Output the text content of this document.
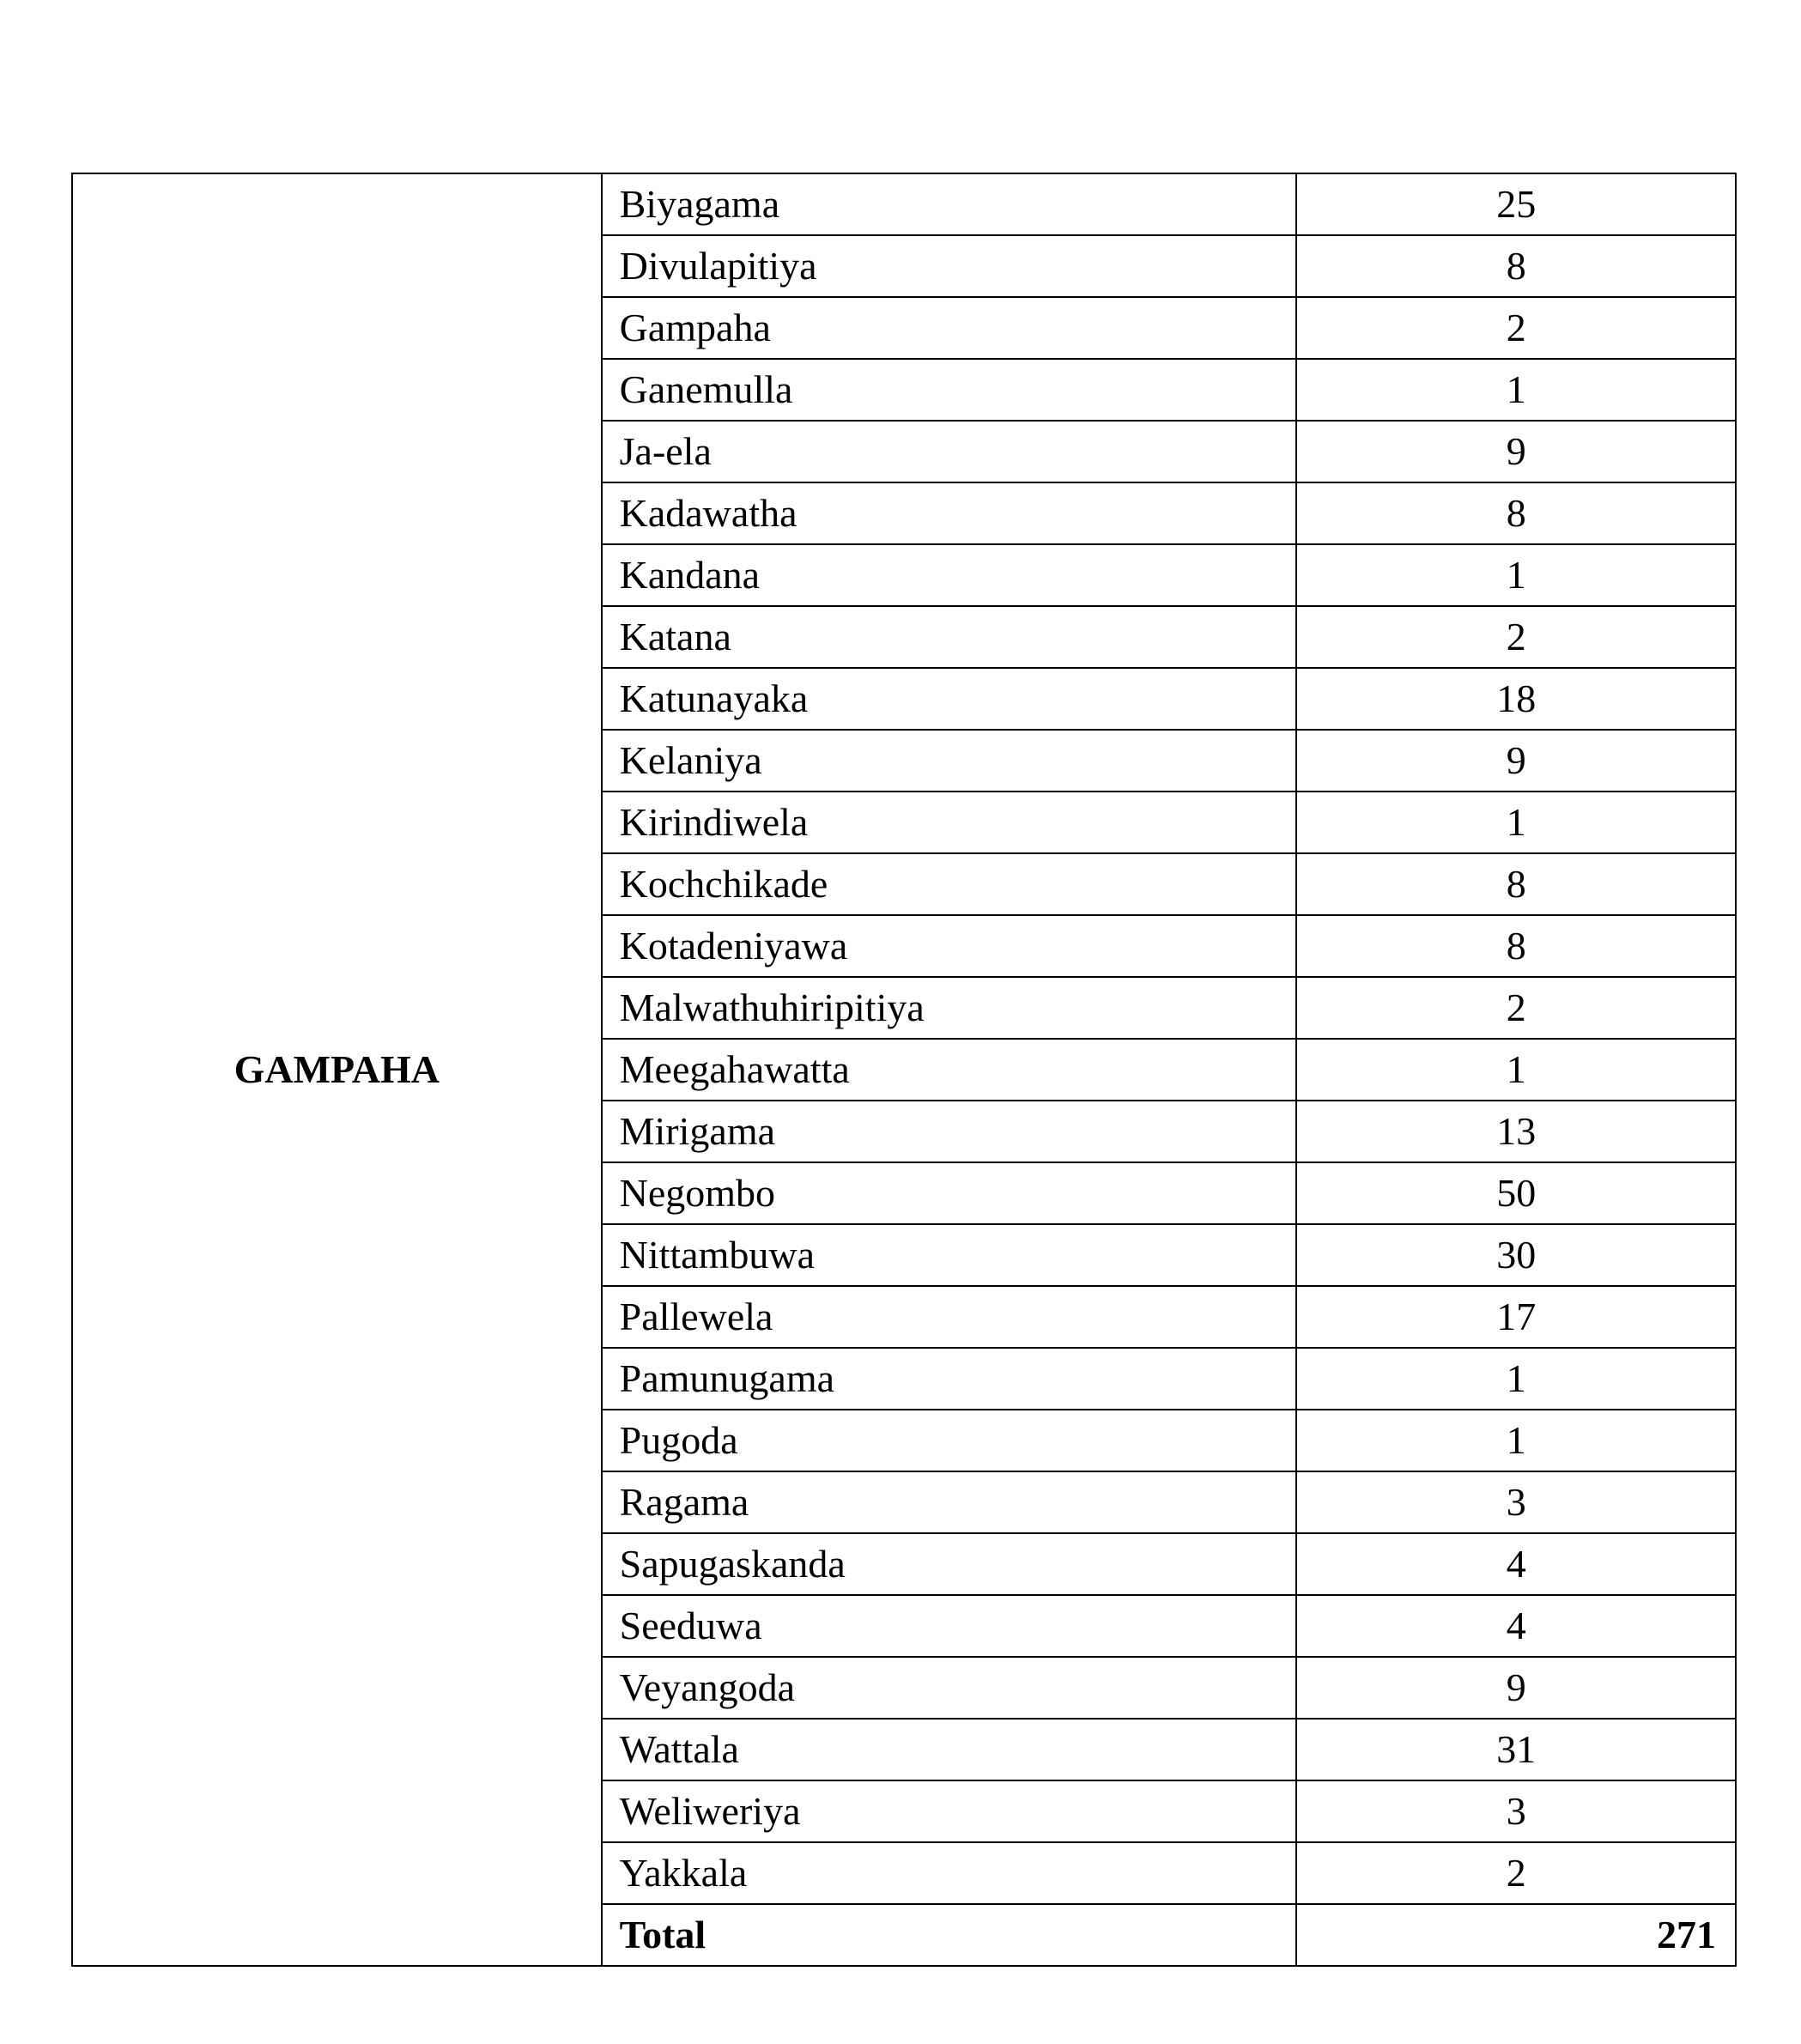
GAMPAHA	Biyagama	25
	Divulapitiya	8
	Gampaha	2
	Ganemulla	1
	Ja-ela	9
	Kadawatha	8
	Kandana	1
	Katana	2
	Katunayaka	18
	Kelaniya	9
	Kirindiwela	1
	Kochchikade	8
	Kotadeniyawa	8
	Malwathuhiripitiya	2
	Meegahawatta	1
	Mirigama	13
	Negombo	50
	Nittambuwa	30
	Pallewela	17
	Pamunugama	1
	Pugoda	1
	Ragama	3
	Sapugaskanda	4
	Seeduwa	4
	Veyangoda	9
	Wattala	31
	Weliweriya	3
	Yakkala	2
	Total	271
